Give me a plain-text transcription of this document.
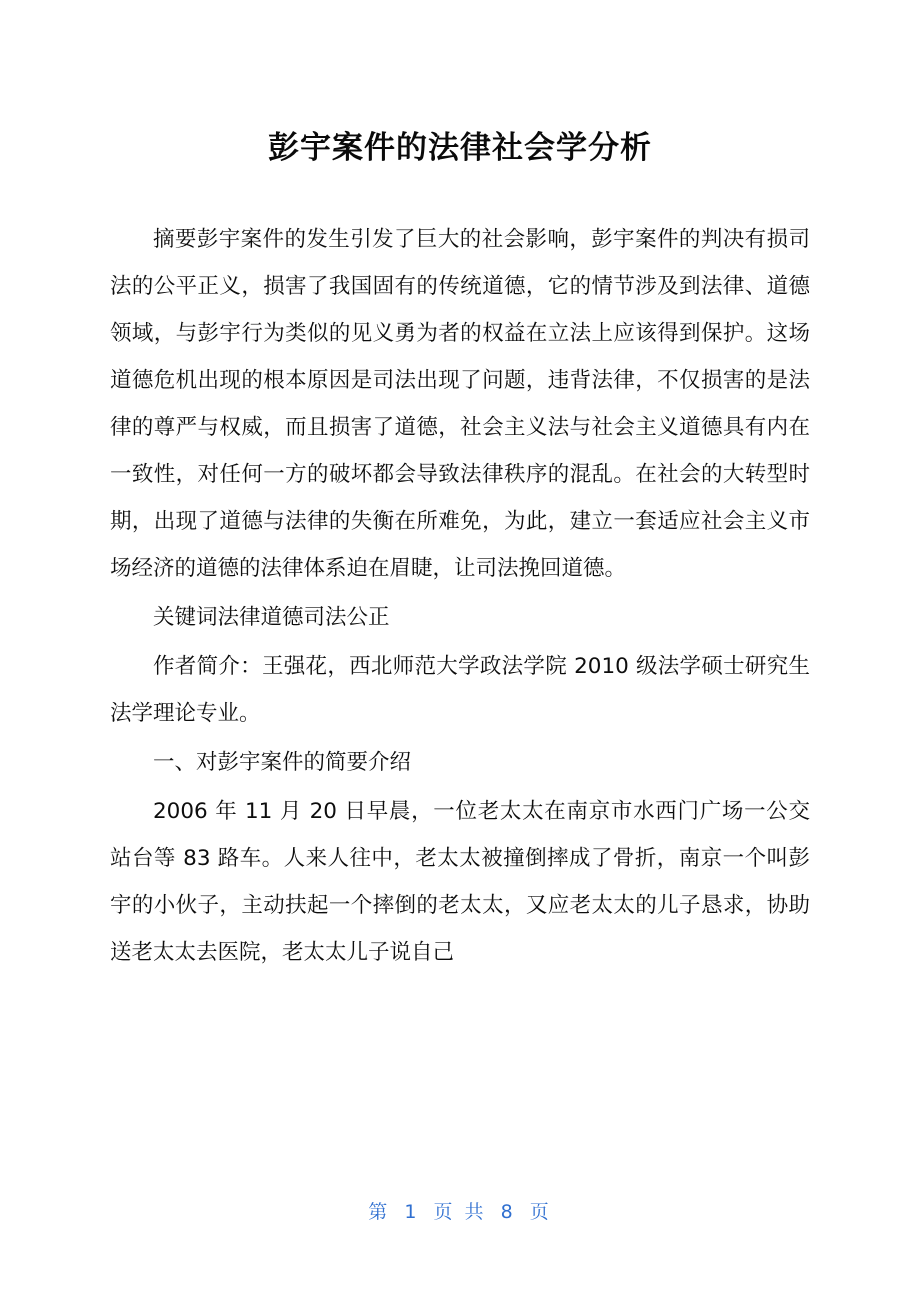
彭宇案件的法律社会学分析

摘要彭宇案件的发生引发了巨大的社会影响，彭宇案件的判决有损司法的公平正义，损害了我国固有的传统道德，它的情节涉及到法律、道德领域，与彭宇行为类似的见义勇为者的权益在立法上应该得到保护。这场道德危机出现的根本原因是司法出现了问题，违背法律，不仅损害的是法律的尊严与权威，而且损害了道德，社会主义法与社会主义道德具有内在一致性，对任何一方的破坏都会导致法律秩序的混乱。在社会的大转型时期，出现了道德与法律的失衡在所难免，为此，建立一套适应社会主义市场经济的道德的法律体系迫在眉睫，让司法挽回道德。

关键词法律道德司法公正

作者简介：王强花，西北师范大学政法学院 2010 级法学硕士研究生法学理论专业。

一、对彭宇案件的简要介绍

2006 年 11 月 20 日早晨，一位老太太在南京市水西门广场一公交站台等 83 路车。人来人往中，老太太被撞倒摔成了骨折，南京一个叫彭宇的小伙子，主动扶起一个摔倒的老太太，又应老太太的儿子恳求，协助送老太太去医院，老太太儿子说自己

第 1 页 共 8 页
